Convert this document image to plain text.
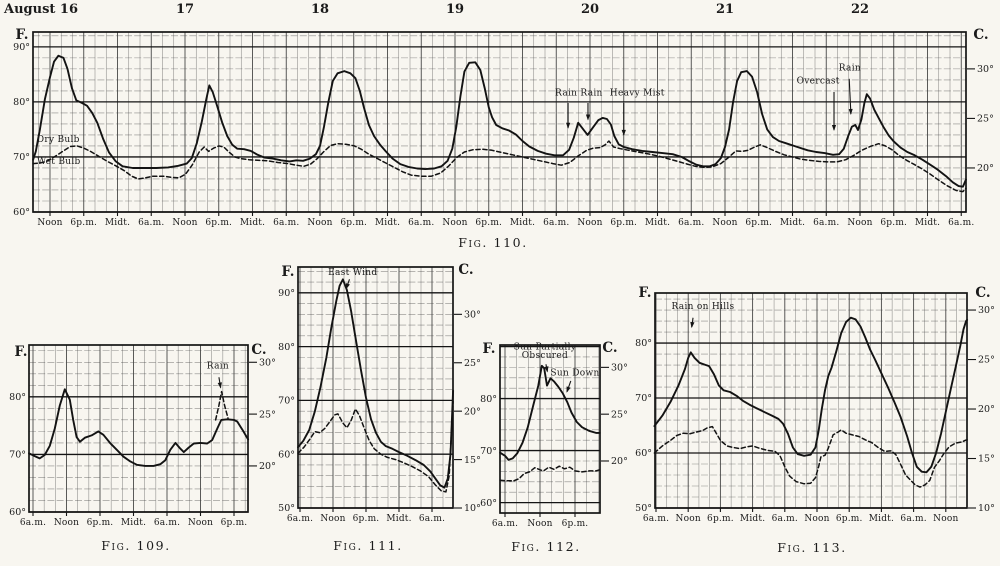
F.	C.
90°
80°
70°
60°
30°
25°
20°
Noon 6p.m. Midt. 6a.m. Noon 6p.m. Midt. 6a.m. Noon 6p.m. Midt. 6a.m. Noon 6p.m. Midt. 6a.m. Noon 6p.m. Midt. 6a.m. Noon 6p.m. Midt. 6a.m. Noon 6p.m. Midt. 6a.m.
August 16	17	18	19	20	21	22
Dry Bulb
Wet Bulb
Rain Rain Heavy Mist
Overcast
Rain
Fig. 110.
F.	C.
80°
70°
60°
30°
25°
20°
6a.m. Noon 6p.m. Midt. 6a.m. Noon 6p.m.
Rain
Fig. 109.
F.	C.
90°
80°
70°
60°
50°
30°
25°
20°
15°
10°
6a.m. Noon 6p.m. Midt. 6a.m.
East Wind
Fig. 111.
F.	C.
80°
70°
60°
30°
25°
20°
6a.m. Noon 6p.m.
Sun Partially
Obscured
Sun Down
Fig. 112.
F.	C.
80°
70°
60°
50°
30°
25°
20°
15°
10°
6a.m. Noon 6p.m. Midt. 6a.m. Noon 6p.m. Midt. 6a.m. Noon
Rain on Hills
Fig. 113.
